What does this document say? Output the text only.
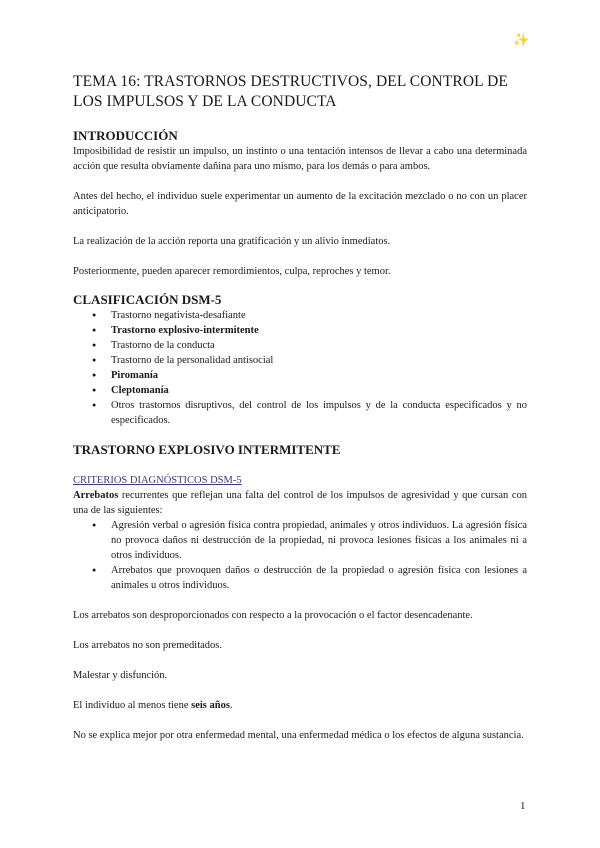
✨
TEMA 16: TRASTORNOS DESTRUCTIVOS, DEL CONTROL DE LOS IMPULSOS Y DE LA CONDUCTA
INTRODUCCIÓN

Imposibilidad de resistir un impulso, un instinto o una tentación intensos de llevar a cabo una determinada acción que resulta obviamente dañina para uno mismo, para los demás o para ambos.

Antes del hecho, el individuo suele experimentar un aumento de la excitación mezclado o no con un placer anticipatorio.

La realización de la acción reporta una gratificación y un alivio inmediatos.

Posteriormente, pueden aparecer remordimientos, culpa, reproches y temor.

CLASIFICACIÓN DSM-5
● Trastorno negativista-desafiante
● Trastorno explosivo-intermitente
● Trastorno de la conducta
● Trastorno de la personalidad antisocial
● Piromanía
● Cleptomanía
● Otros trastornos disruptivos, del control de los impulsos y de la conducta especificados y no especificados.
TRASTORNO EXPLOSIVO INTERMITENTE

CRITERIOS DIAGNÓSTICOS DSM-5

Arrebatos recurrentes que reflejan una falta del control de los impulsos de agresividad y que cursan con una de las siguientes:

● Agresión verbal o agresión física contra propiedad, animales y otros individuos. La agresión física no provoca daños ni destrucción de la propiedad, ni provoca lesiones físicas a los animales ni a otros individuos.
● Arrebatos que provoquen daños o destrucción de la propiedad o agresión física con lesiones a animales u otros individuos.

Los arrebatos son desproporcionados con respecto a la provocación o el factor desencadenante.

Los arrebatos no son premeditados.

Malestar y disfunción.

El individuo al menos tiene seis años.

No se explica mejor por otra enfermedad mental, una enfermedad médica o los efectos de alguna sustancia.

1
